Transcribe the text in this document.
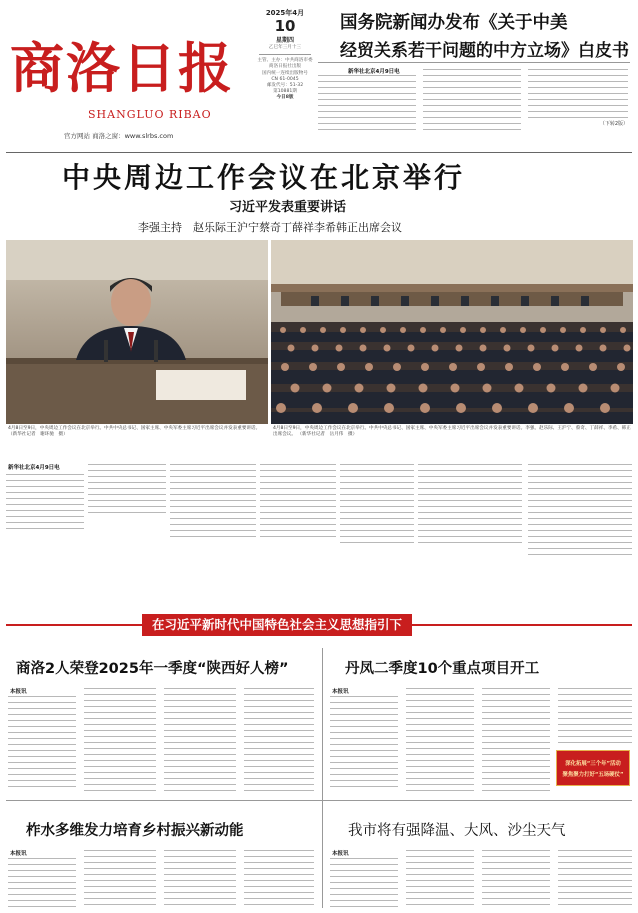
商洛日报
SHANGLUO RIBAO
官方网站 商洛之窗：www.slrbs.com
2025年4月
10
星期四
乙巳年三月十三
主管、主办：中共商洛市委
商洛日报社出版
国内统一连续出版物号
CN 61-0045
邮发代号：51-32
第10881期
今日8版
国务院新闻办发布《关于中美
经贸关系若干问题的中方立场》白皮书
新华社北京4月9日电
（下转2版）
中央周边工作会议在北京举行
习近平发表重要讲话
李强主持　赵乐际王沪宁蔡奇丁薛祥李希韩正出席会议
4月8日至9日，中央周边工作会议在北京举行。中共中央总书记、国家主席、中央军委主席习近平出席会议并发表重要讲话。 （新华社记者　谢环驰　摄）
4月8日至9日，中央周边工作会议在北京举行。中共中央总书记、国家主席、中央军委主席习近平出席会议并发表重要讲话。李强、赵乐际、王沪宁、蔡奇、丁薛祥、李希、韩正出席会议。 （新华社记者　岳月伟　摄）
新华社北京4月9日电
在习近平新时代中国特色社会主义思想指引下
商洛2人荣登2025年一季度“陕西好人榜”
本报讯
丹凤二季度10个重点项目开工
本报讯
深化拓展“三个年”活动
聚焦聚力打好“五场硬仗”
柞水多维发力培育乡村振兴新动能
本报讯
我市将有强降温、大风、沙尘天气
本报讯
